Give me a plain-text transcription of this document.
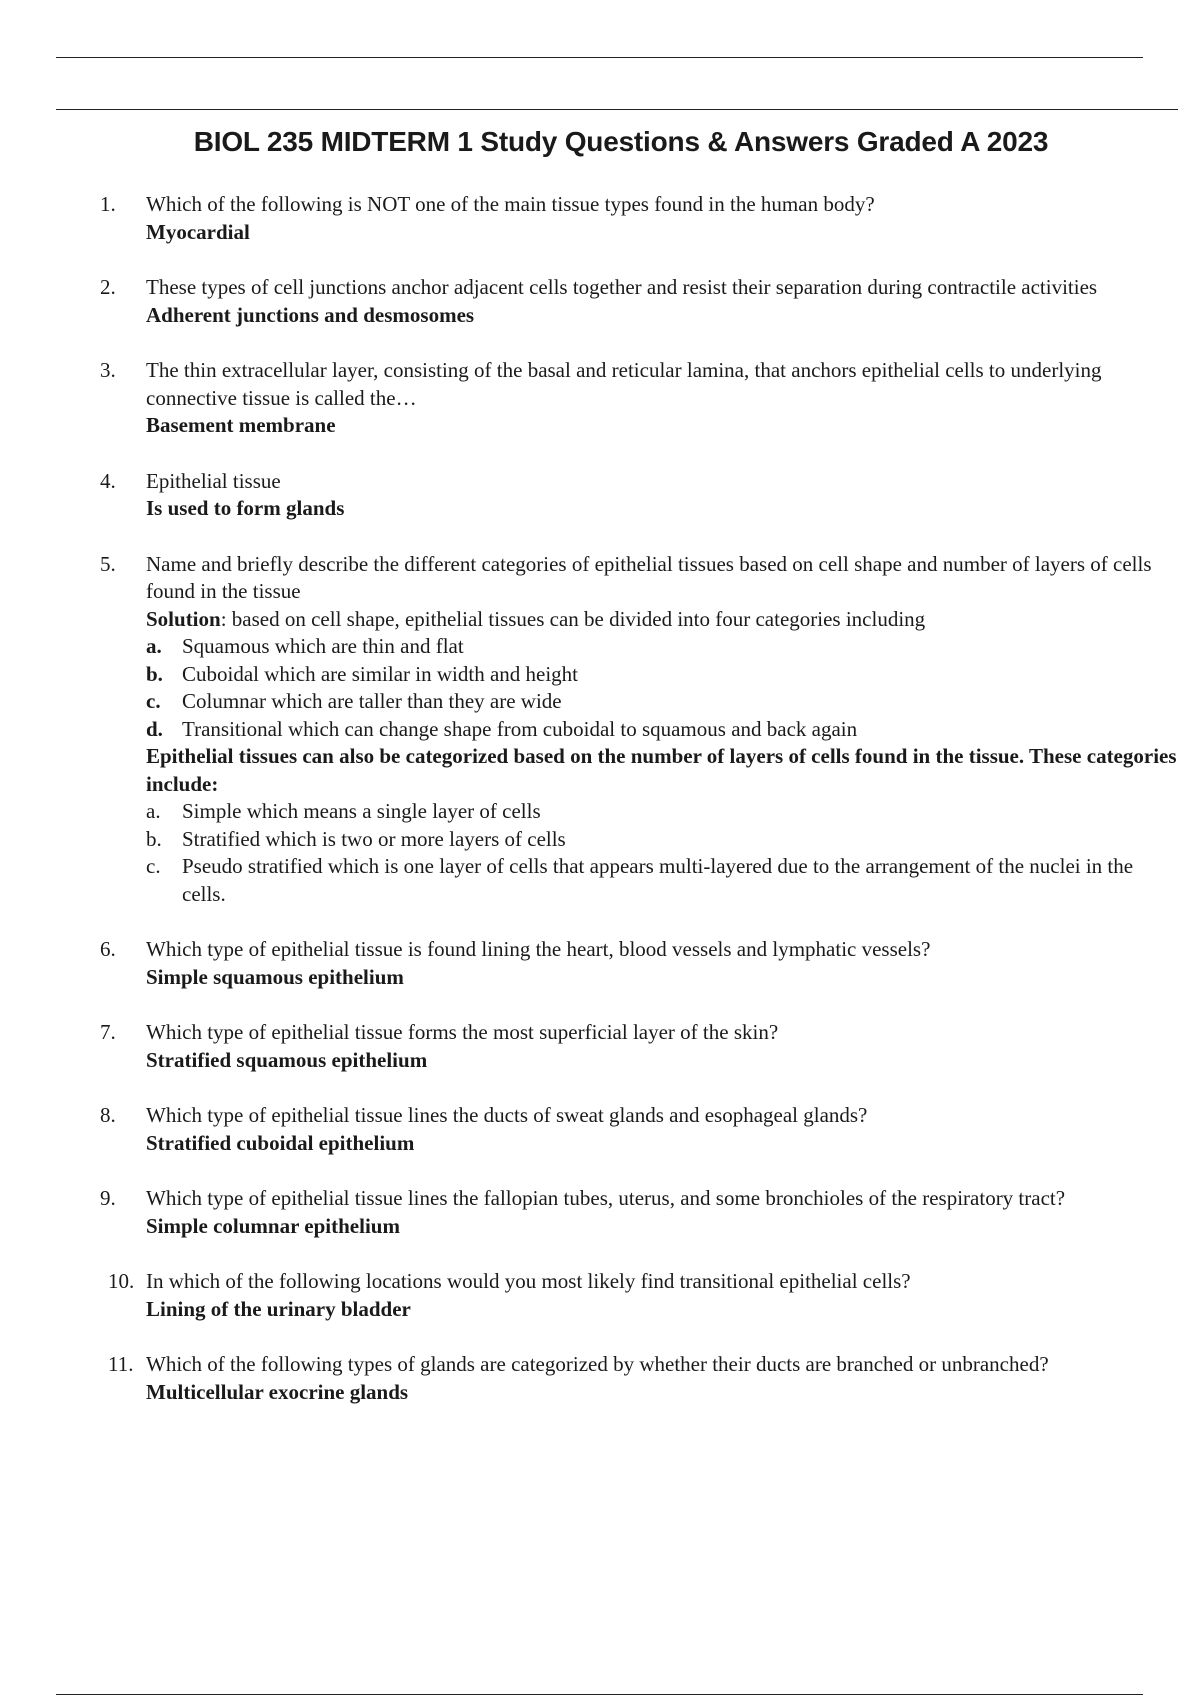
BIOL 235 MIDTERM 1 Study Questions & Answers Graded A 2023
1.	Which of the following is NOT one of the main tissue types found in the human body?
Myocardial
2.	These types of cell junctions anchor adjacent cells together and resist their separation during contractile activities
Adherent junctions and desmosomes
3.	The thin extracellular layer, consisting of the basal and reticular lamina, that anchors epithelial cells to underlying connective tissue is called the…
Basement membrane
4.	Epithelial tissue
Is used to form glands
5.	Name and briefly describe the different categories of epithelial tissues based on cell shape and number of layers of cells found in the tissue
Solution: based on cell shape, epithelial tissues can be divided into four categories including
a. Squamous which are thin and flat
b. Cuboidal which are similar in width and height
c. Columnar which are taller than they are wide
d. Transitional which can change shape from cuboidal to squamous and back again
Epithelial tissues can also be categorized based on the number of layers of cells found in the tissue. These categories include:
a. Simple which means a single layer of cells
b. Stratified which is two or more layers of cells
c. Pseudo stratified which is one layer of cells that appears multi-layered due to the arrangement of the nuclei in the cells.
6.	Which type of epithelial tissue is found lining the heart, blood vessels and lymphatic vessels?
Simple squamous epithelium
7.	Which type of epithelial tissue forms the most superficial layer of the skin?
Stratified squamous epithelium
8.	Which type of epithelial tissue lines the ducts of sweat glands and esophageal glands?
Stratified cuboidal epithelium
9.	Which type of epithelial tissue lines the fallopian tubes, uterus, and some bronchioles of the respiratory tract?
Simple columnar epithelium
10. In which of the following locations would you most likely find transitional epithelial cells?
Lining of the urinary bladder
11. Which of the following types of glands are categorized by whether their ducts are branched or unbranched?
Multicellular exocrine glands
